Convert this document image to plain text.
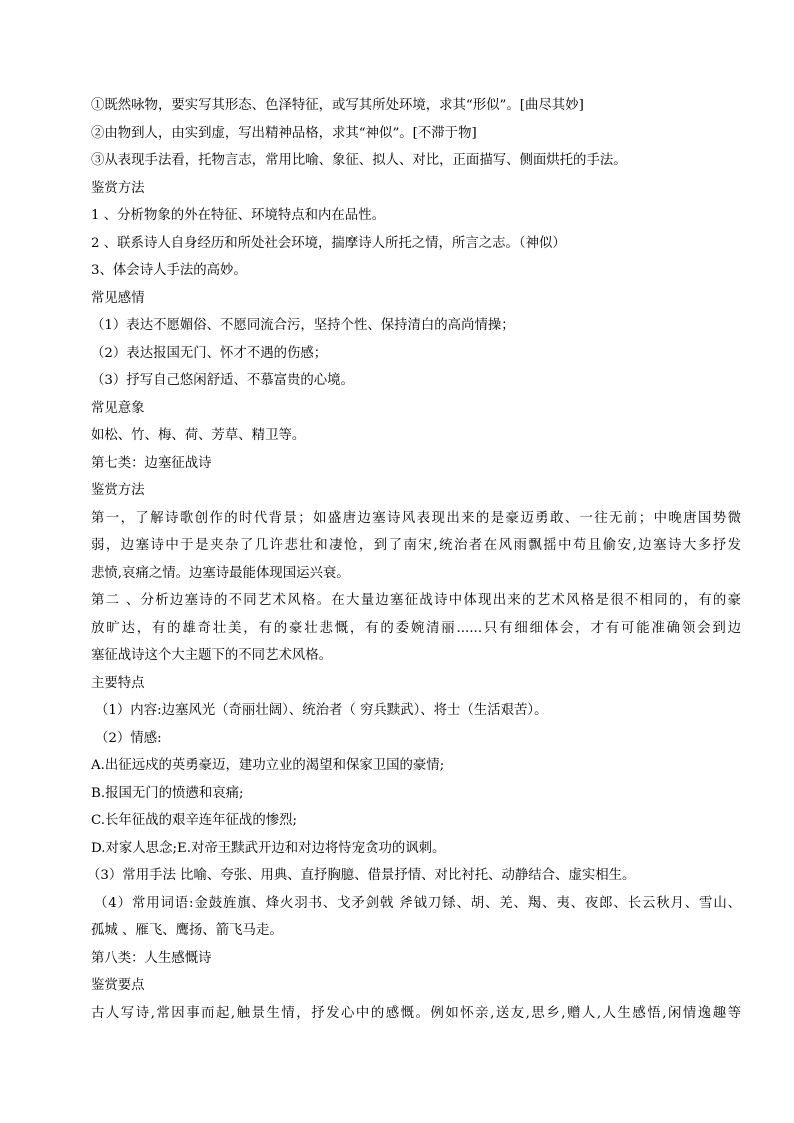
①既然咏物，要实写其形态、色泽特征，或写其所处环境，求其“形似”。[曲尽其妙]
②由物到人，由实到虚，写出精神品格，求其“神似”。[不滞于物]
③从表现手法看，托物言志，常用比喻、象征、拟人、对比，正面描写、侧面烘托的手法。
鉴赏方法
1 、分析物象的外在特征、环境特点和内在品性。
2 、联系诗人自身经历和所处社会环境，揣摩诗人所托之情，所言之志。（神似）
3、体会诗人手法的高妙。
常见感情
（1）表达不愿媚俗、不愿同流合污，坚持个性、保持清白的高尚情操；
（2）表达报国无门、怀才不遇的伤感；
（3）抒写自己悠闲舒适、不慕富贵的心境。
常见意象
如松、竹、梅、荷、芳草、精卫等。
第七类：边塞征战诗
鉴赏方法
第一，了解诗歌创作的时代背景；如盛唐边塞诗风表现出来的是豪迈勇敢、一往无前；中晚唐国势微
弱，边塞诗中于是夹杂了几许悲壮和凄怆，到了南宋,统治者在风雨飘摇中苟且偷安,边塞诗大多抒发
悲愤,哀痛之情。边塞诗最能体现国运兴衰。
第二 、分析边塞诗的不同艺术风格。在大量边塞征战诗中体现出来的艺术风格是很不相同的，有的豪
放旷达，有的雄奇壮美，有的豪壮悲慨，有的委婉清丽......只有细细体会，才有可能准确领会到边
塞征战诗这个大主题下的不同艺术风格。
主要特点
（1）内容:边塞风光（奇丽壮阔）、统治者（ 穷兵黩武）、将士（生活艰苦）。
（2）情感:
A.出征远戍的英勇豪迈，建功立业的渴望和保家卫国的豪情;
B.报国无门的愤懑和哀痛;
C.长年征战的艰辛连年征战的惨烈;
D.对家人思念;E.对帝王黩武开边和对边将恃宠贪功的讽刺。
（3）常用手法 比喻、夸张、用典、直抒胸臆、借景抒情、对比衬托、动静结合、虚实相生。
（4）常用词语:金鼓旌旗、烽火羽书、戈矛剑戟 斧钺刀铩、胡、羌、羯、夷、夜郎、长云秋月、雪山、
孤城 、雁飞、鹰扬、箭飞马走。
第八类：人生感慨诗
鉴赏要点
古人写诗,常因事而起,触景生情，抒发心中的感慨。例如怀亲,送友,思乡,赠人,人生感悟,闲情逸趣等
